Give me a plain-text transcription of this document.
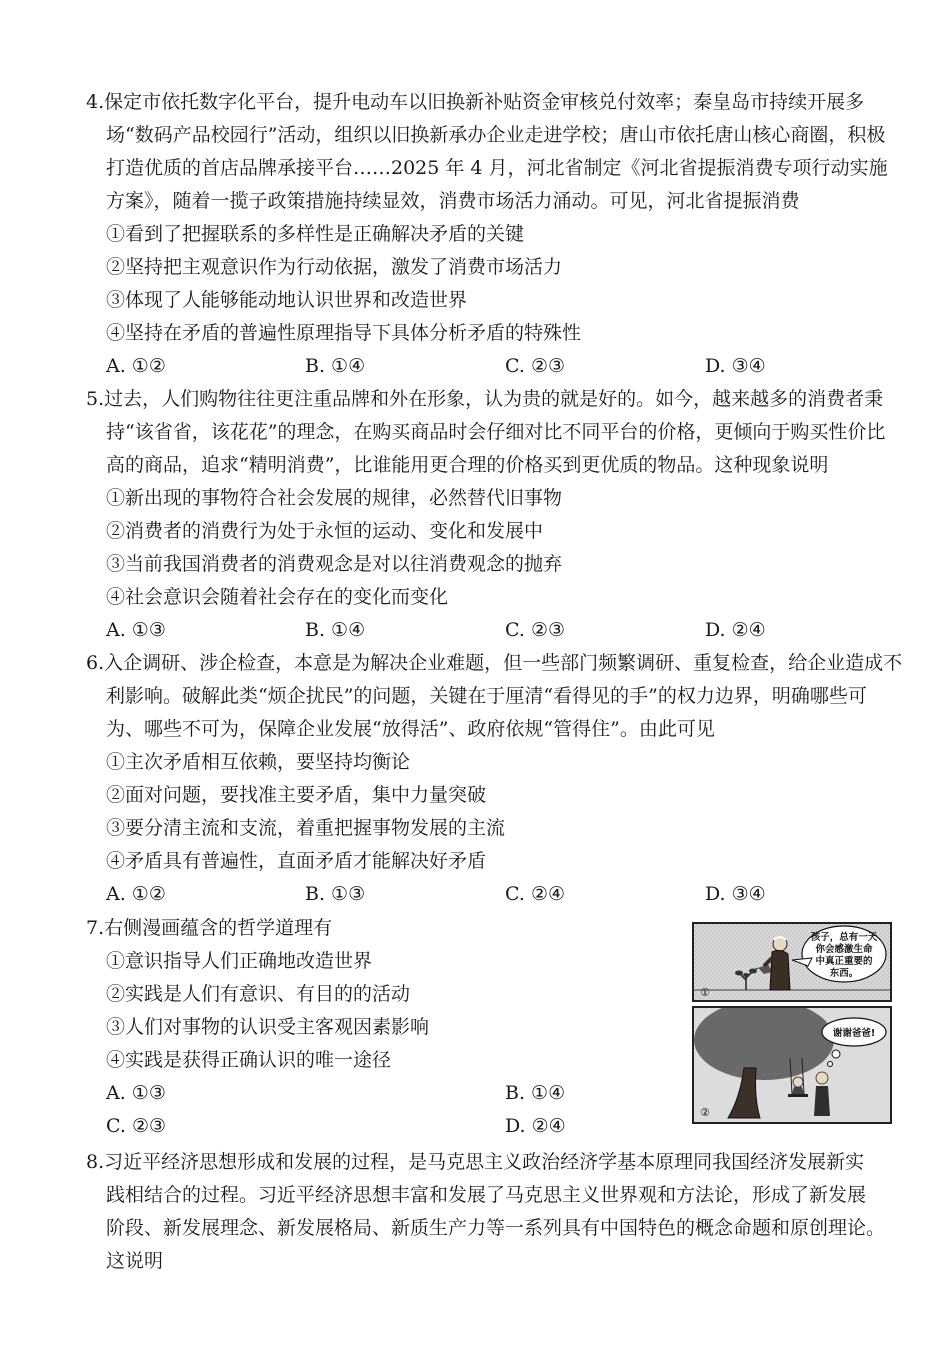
4.保定市依托数字化平台，提升电动车以旧换新补贴资金审核兑付效率；秦皇岛市持续开展多
场“数码产品校园行”活动，组织以旧换新承办企业走进学校；唐山市依托唐山核心商圈，积极
打造优质的首店品牌承接平台……2025 年 4 月，河北省制定《河北省提振消费专项行动实施
方案》，随着一揽子政策措施持续显效，消费市场活力涌动。可见，河北省提振消费
①看到了把握联系的多样性是正确解决矛盾的关键
②坚持把主观意识作为行动依据，激发了消费市场活力
③体现了人能够能动地认识世界和改造世界
④坚持在矛盾的普遍性原理指导下具体分析矛盾的特殊性
A. ①②	B. ①④	C. ②③	D. ③④
5.过去，人们购物往往更注重品牌和外在形象，认为贵的就是好的。如今，越来越多的消费者秉
持“该省省，该花花”的理念，在购买商品时会仔细对比不同平台的价格，更倾向于购买性价比
高的商品，追求“精明消费”，比谁能用更合理的价格买到更优质的物品。这种现象说明
①新出现的事物符合社会发展的规律，必然替代旧事物
②消费者的消费行为处于永恒的运动、变化和发展中
③当前我国消费者的消费观念是对以往消费观念的抛弃
④社会意识会随着社会存在的变化而变化
A. ①③	B. ①④	C. ②③	D. ②④
6.入企调研、涉企检查，本意是为解决企业难题，但一些部门频繁调研、重复检查，给企业造成不
利影响。破解此类“烦企扰民”的问题，关键在于厘清“看得见的手”的权力边界，明确哪些可
为、哪些不可为，保障企业发展“放得活”、政府依规“管得住”。由此可见
①主次矛盾相互依赖，要坚持均衡论
②面对问题，要找准主要矛盾，集中力量突破
③要分清主流和支流，着重把握事物发展的主流
④矛盾具有普遍性，直面矛盾才能解决好矛盾
A. ①②	B. ①③	C. ②④	D. ③④
7.右侧漫画蕴含的哲学道理有
①意识指导人们正确地改造世界
②实践是人们有意识、有目的的活动
③人们对事物的认识受主客观因素影响
④实践是获得正确认识的唯一途径
A. ①③	B. ①④
C. ②③	D. ②④
孩子，总有一天
你会感激生命
中真正重要的
东西。
①
谢谢爸爸!
②
8.习近平经济思想形成和发展的过程，是马克思主义政治经济学基本原理同我国经济发展新实
践相结合的过程。习近平经济思想丰富和发展了马克思主义世界观和方法论，形成了新发展
阶段、新发展理念、新发展格局、新质生产力等一系列具有中国特色的概念命题和原创理论。
这说明
